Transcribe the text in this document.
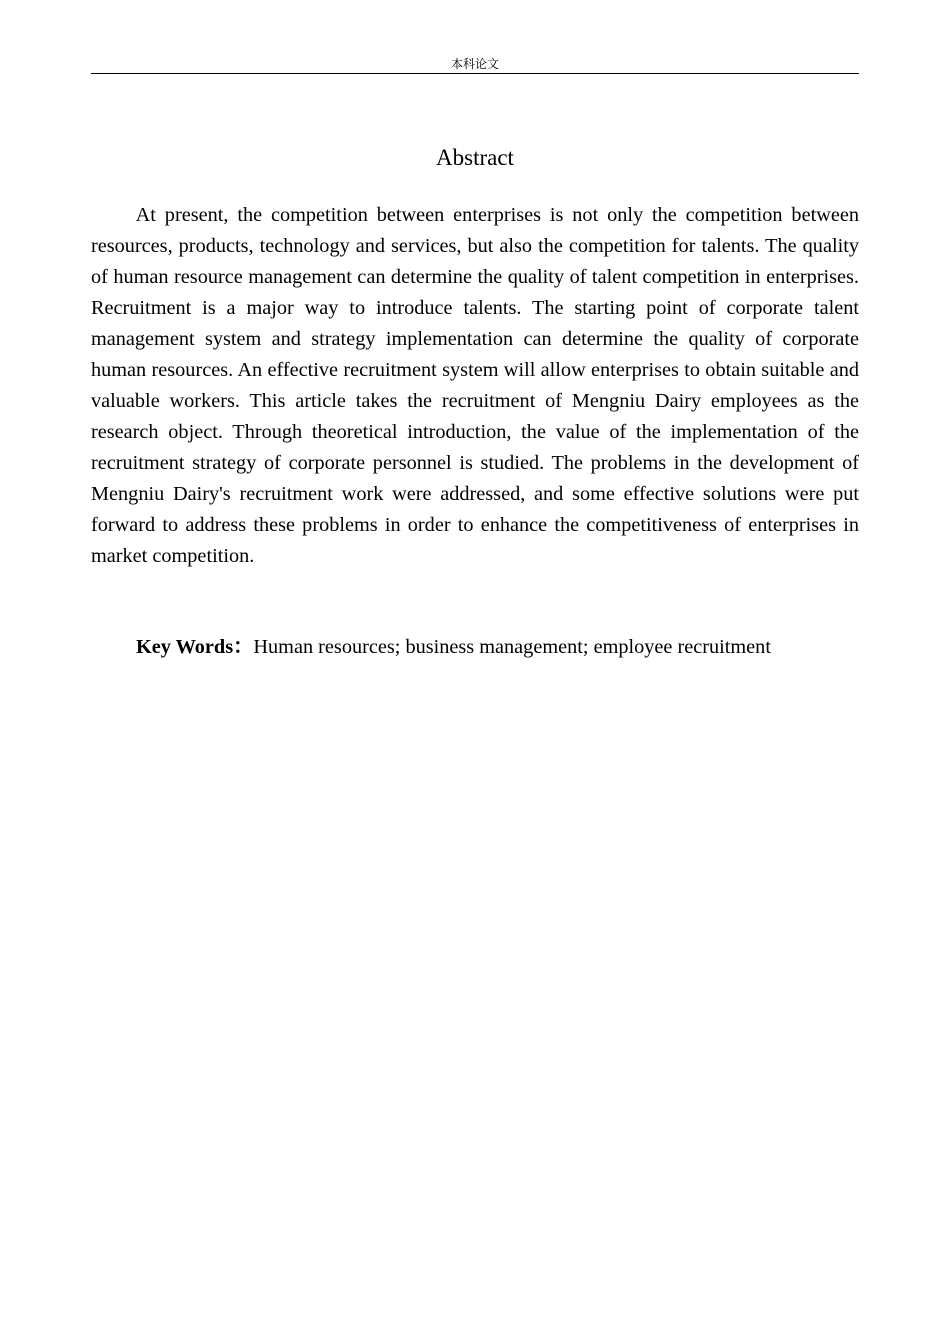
本科论文
Abstract

At present, the competition between enterprises is not only the competition between resources, products, technology and services, but also the competition for talents. The quality of human resource management can determine the quality of talent competition in enterprises. Recruitment is a major way to introduce talents. The starting point of corporate talent management system and strategy implementation can determine the quality of corporate human resources. An effective recruitment system will allow enterprises to obtain suitable and valuable workers. This article takes the recruitment of Mengniu Dairy employees as the research object. Through theoretical introduction, the value of the implementation of the recruitment strategy of corporate personnel is studied. The problems in the development of Mengniu Dairy's recruitment work were addressed, and some effective solutions were put forward to address these problems in order to enhance the competitiveness of enterprises in market competition.

Key Words：Human resources; business management; employee recruitment
